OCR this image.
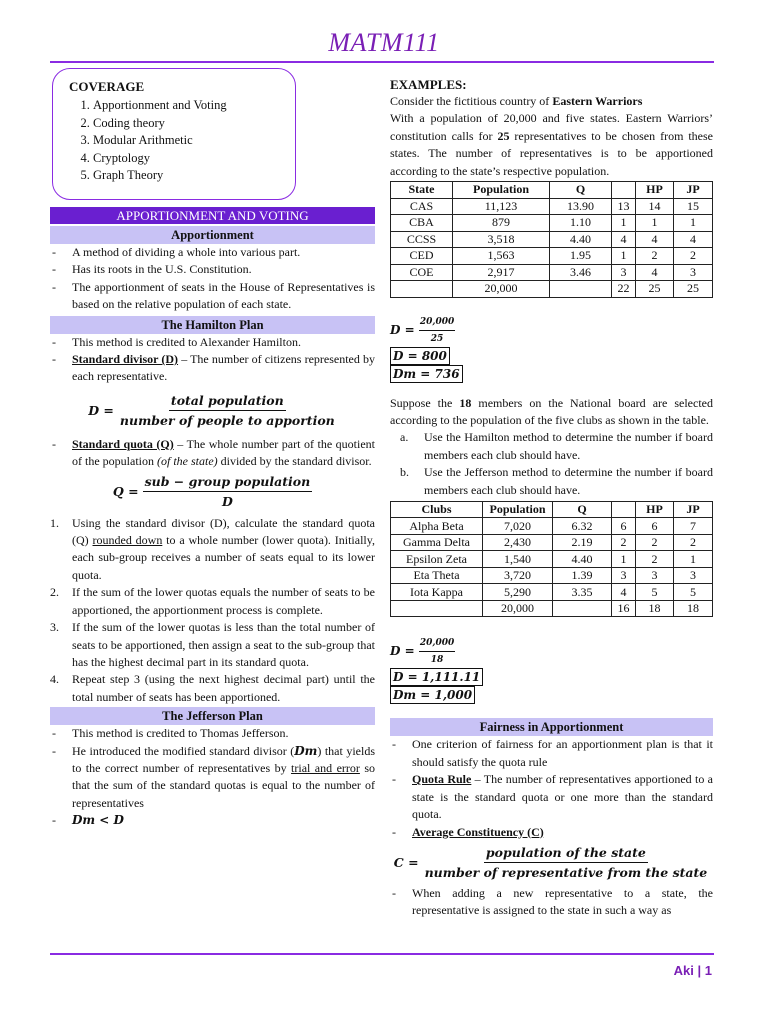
MATM111
COVERAGE
1. Apportionment and Voting
2. Coding theory
3. Modular Arithmetic
4. Cryptology
5. Graph Theory
APPORTIONMENT AND VOTING
Apportionment
- A method of dividing a whole into various part.
- Has its roots in the U.S. Constitution.
- The apportionment of seats in the House of Representatives is based on the relative population of each state.
The Hamilton Plan
- This method is credited to Alexander Hamilton.
- Standard divisor (D) – The number of citizens represented by each representative.
$D = \frac{\text{total population}}{\text{number of people to apportion}}$
- Standard quota (Q) – The whole number part of the quotient of the population (of the state) divided by the standard divisor.
$Q = \frac{\text{sub − group population}}{D}$
1. Using the standard divisor (D), calculate the standard quota (Q) rounded down to a whole number (lower quota). Initially, each sub-group receives a number of seats equal to its lower quota.
2. If the sum of the lower quotas equals the number of seats to be apportioned, the apportionment process is complete.
3. If the sum of the lower quotas is less than the total number of seats to be apportioned, then assign a seat to the sub-group that has the highest decimal part in its standard quota.
4. Repeat step 3 (using the next highest decimal part) until the total number of seats has been apportioned.
The Jefferson Plan
- This method is credited to Thomas Jefferson.
- He introduced the modified standard divisor (Dm) that yields to the correct number of representatives by trial and error so that the sum of the standard quotas is equal to the number of representatives
- Dm < D
EXAMPLES:

Consider the fictitious country of Eastern Warriors

With a population of 20,000 and five states. Eastern Warriors’ constitution calls for 25 representatives to be chosen from these states. The number of representatives is to be apportioned according to the state’s respective population.

State	Population	Q		HP	JP
CAS	11,123	13.90	13	14	15
CBA	879	1.10	1	1	1
CCSS	3,518	4.40	4	4	4
CED	1,563	1.95	1	2	2
COE	2,917	3.46	3	4	3
	20,000		22	25	25
$D = \frac{20,000}{25}$
D = 800
Dm = 736

Suppose the 18 members on the National board are selected according to the population of the five clubs as shown in the table.

a. Use the Hamilton method to determine the number if board members each club should have.
b. Use the Jefferson method to determine the number if board members each club should have.
Clubs	Population	Q		HP	JP
Alpha Beta	7,020	6.32	6	6	7
Gamma Delta	2,430	2.19	2	2	2
Epsilon Zeta	1,540	4.40	1	2	1
Eta Theta	3,720	1.39	3	3	3
Iota Kappa	5,290	3.35	4	5	5
	20,000		16	18	18
$D = \frac{20,000}{18}$
D = 1,111.11
Dm = 1,000
Fairness in Apportionment
- One criterion of fairness for an apportionment plan is that it should satisfy the quota rule
- Quota Rule – The number of representatives apportioned to a state is the standard quota or one more than the standard quota.
- Average Constituency (C)
$C = \frac{\text{population of the state}}{\text{number of representative from the state}}$
- When adding a new representative to a state, the representative is assigned to the state in such a way as
Aki | 1
